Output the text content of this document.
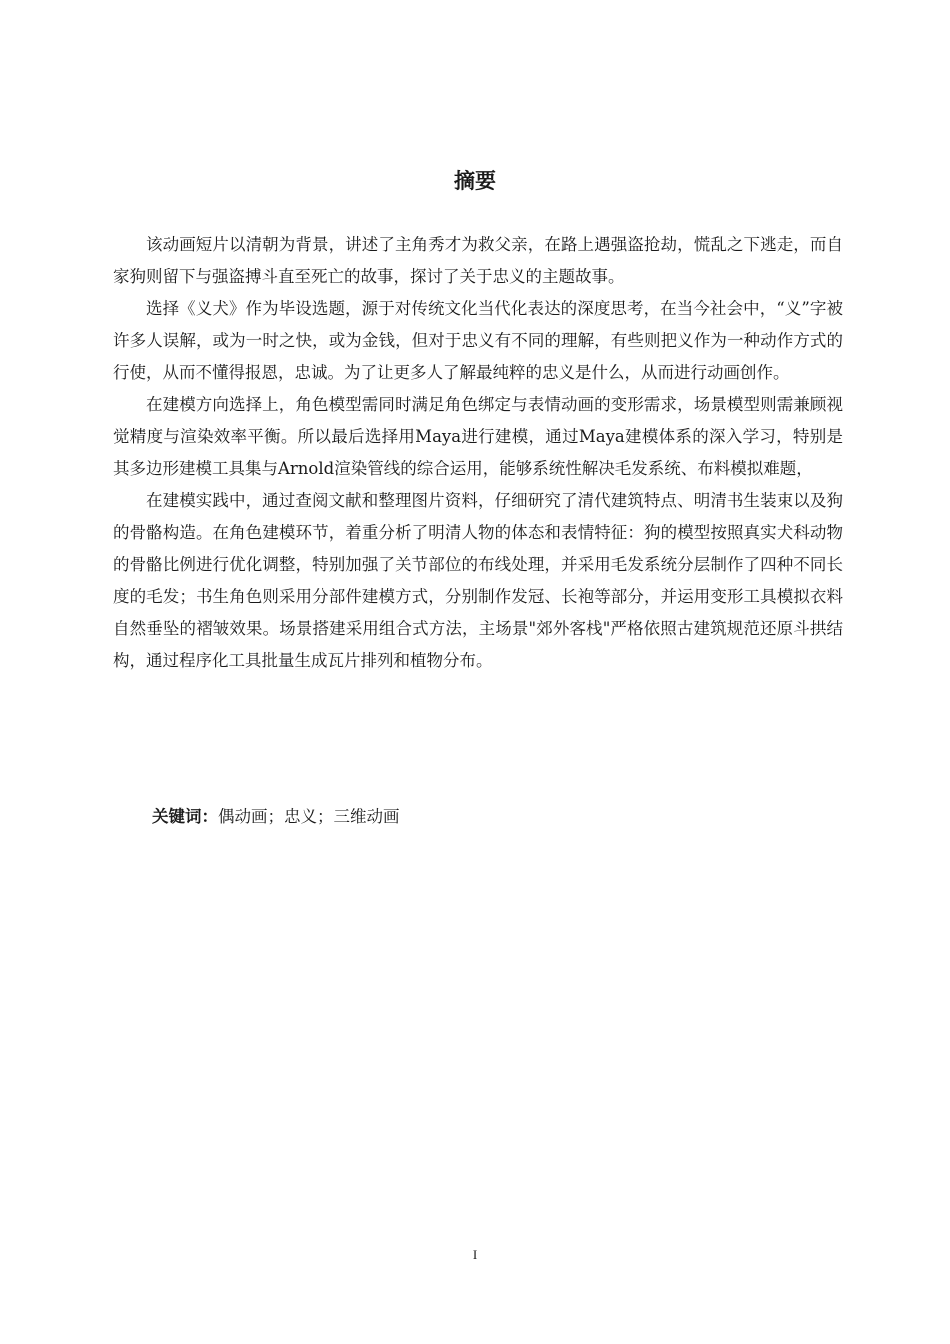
摘要

该动画短片以清朝为背景，讲述了主角秀才为救父亲，在路上遇强盗抢劫，慌乱之下逃走，而自家狗则留下与强盗搏斗直至死亡的故事，探讨了关于忠义的主题故事。

选择《义犬》作为毕设选题，源于对传统文化当代化表达的深度思考，在当今社会中，“义”字被许多人误解，或为一时之快，或为金钱，但对于忠义有不同的理解，有些则把义作为一种动作方式的行使，从而不懂得报恩，忠诚。为了让更多人了解最纯粹的忠义是什么，从而进行动画创作。

在建模方向选择上，角色模型需同时满足角色绑定与表情动画的变形需求，场景模型则需兼顾视觉精度与渲染效率平衡。所以最后选择用Maya进行建模，通过Maya建模体系的深入学习，特别是其多边形建模工具集与Arnold渲染管线的综合运用，能够系统性解决毛发系统、布料模拟难题，

在建模实践中，通过查阅文献和整理图片资料，仔细研究了清代建筑特点、明清书生装束以及狗的骨骼构造。在角色建模环节，着重分析了明清人物的体态和表情特征：狗的模型按照真实犬科动物的骨骼比例进行优化调整，特别加强了关节部位的布线处理，并采用毛发系统分层制作了四种不同长度的毛发；书生角色则采用分部件建模方式，分别制作发冠、长袍等部分，并运用变形工具模拟衣料自然垂坠的褶皱效果。场景搭建采用组合式方法，主场景"郊外客栈"严格依照古建筑规范还原斗拱结构，通过程序化工具批量生成瓦片排列和植物分布。

关键词：偶动画；忠义；三维动画
I
